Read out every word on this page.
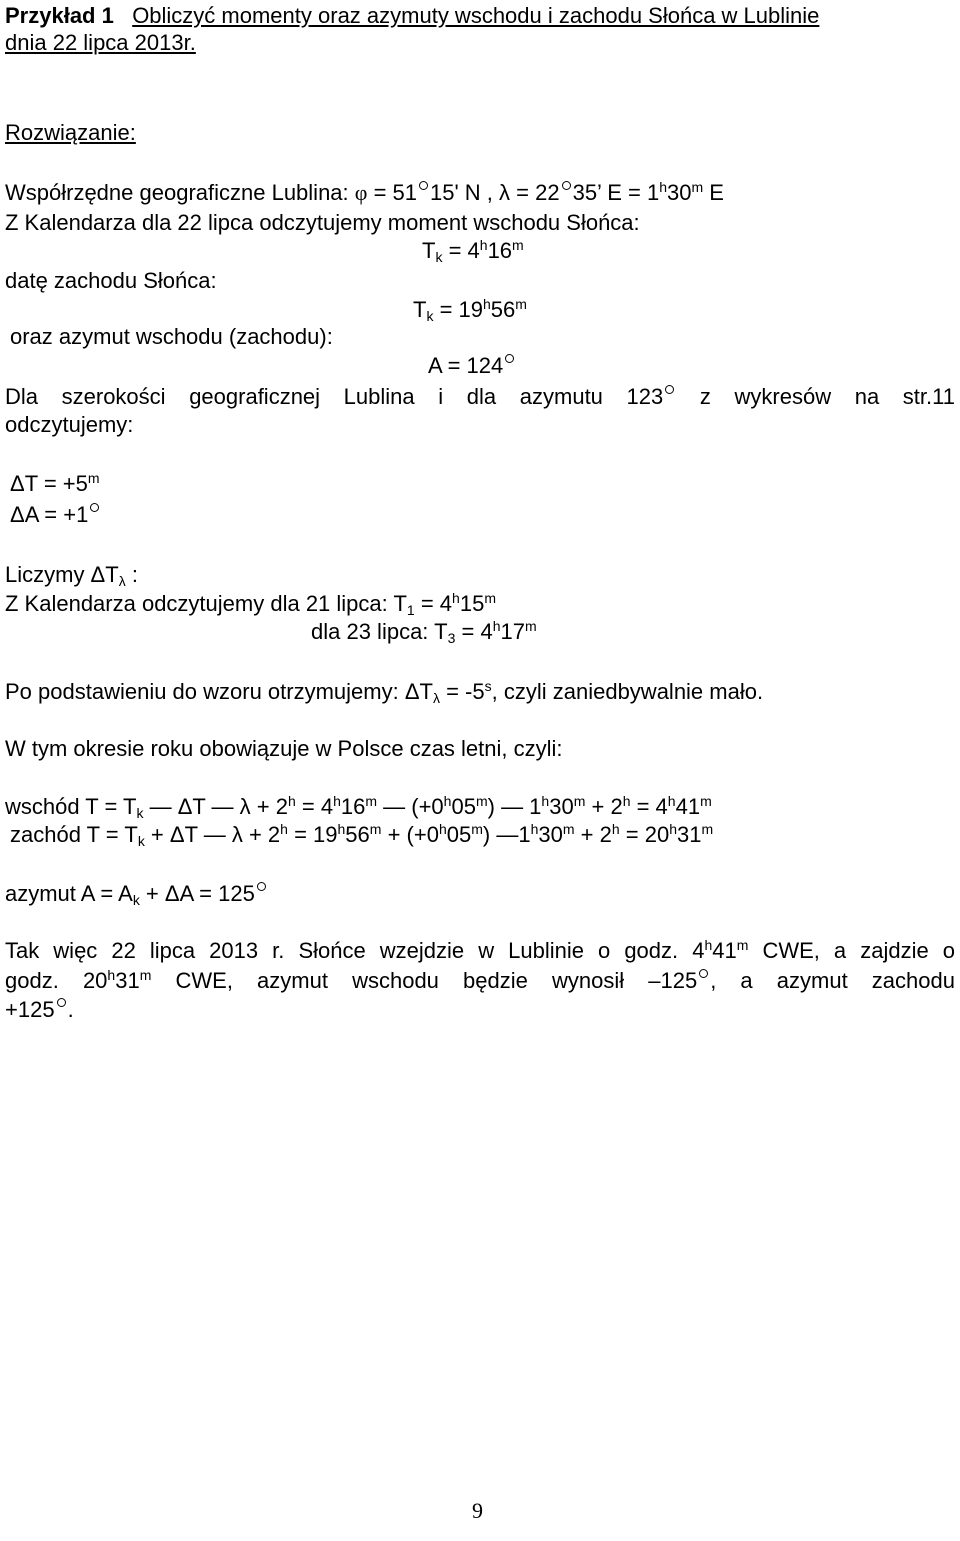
Przykład 1 Obliczyć momenty oraz azymuty wschodu i zachodu Słońca w Lublinie
dnia 22 lipca 2013r.
Rozwiązanie:
Współrzędne geograficzne Lublina: φ = 51 15' N , λ = 22 35’ $E = 1^h30^m$ E
Z Kalendarza dla 22 lipca odczytujemy moment wschodu Słońca:
$T_k = 4^h16^m$
datę zachodu Słońca:
$T_k = 19^h56^m$
oraz azymut wschodu (zachodu):
A = 124
Dla szerokości geograficznej Lublina i dla azymutu 123 z wykresów na str.11
odczytujemy:
$\Delta T = +5^m$
ΔA = +1
Liczymy $\Delta T_\lambda$ :
Z Kalendarza odczytujemy dla 21 lipca: $T_1 = 4^h15^m$
dla 23 lipca: $T_3 = 4^h17^m$
Po podstawieniu do wzoru otrzymujemy: $\Delta T_\lambda = -5^s$, czyli zaniedbywalnie mało.
W tym okresie roku obowiązuje w Polsce czas letni, czyli:
wschód $T = T_k$ — ΔT — $\lambda + 2^h = 4^h16^m$ — $(+0^h05^m)$ — $1^h30^m + 2^h = 4^h41^m$
zachód $T = T_k + \Delta T$ — $\lambda + 2^h = 19^h56^m + (+0^h05^m)$ $—1^h30^m + 2^h = 20^h31^m$
azymut $A = A_k + \Delta A = 125$
Tak więc 22 lipca 2013 r. Słońce wzejdzie w Lublinie o godz. 4$^h$41$^m$ CWE, a zajdzie o
godz. 20$^h$31$^m$ CWE, azymut wschodu będzie wynosił –125 , a azymut zachodu
+125 .
9
